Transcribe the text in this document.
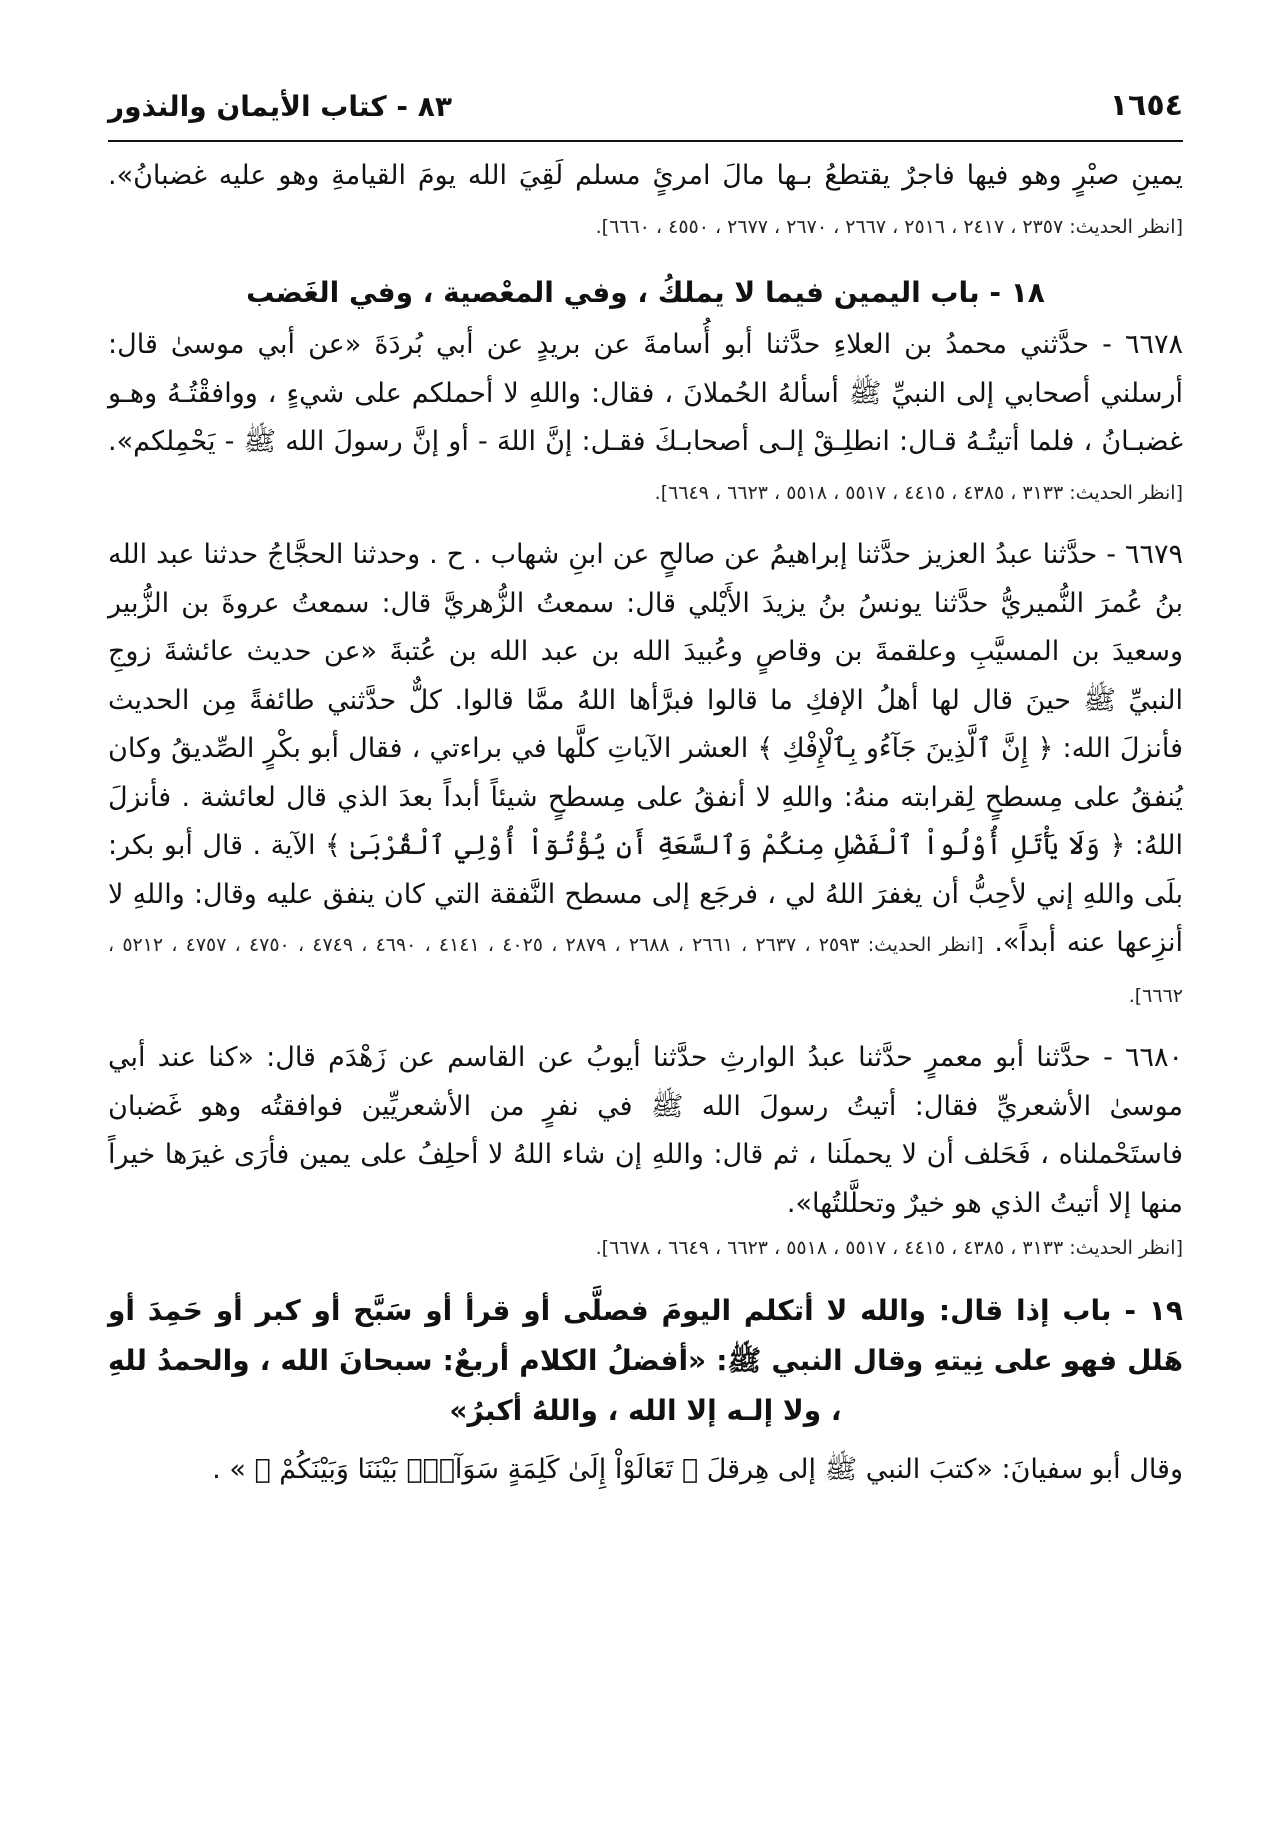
١٦٥٤
٨٣ - كتاب الأيمان والنذور

يمينِ صبْرٍ وهو فيها فاجرٌ يقتطعُ بـها مالَ امرئٍ مسلم لَقِيَ الله يومَ القيامةِ وهو عليه غضبانُ». [انظر الحديث: ٢٣٥٧ ، ٢٤١٧ ، ٢٥١٦ ، ٢٦٦٧ ، ٢٦٧٠ ، ٢٦٧٧ ، ٤٥٥٠ ، ٦٦٦٠].

١٨ - باب اليمين فيما لا يملكُ ، وفي المعْصية ، وفي الغَضب

٦٦٧٨ - حدَّثني محمدُ بن العلاءِ حدَّثنا أبو أُسامةَ عن بريدٍ عن أبي بُردَةَ «عن أبي موسىٰ قال: أرسلني أصحابي إلى النبيِّ ﷺ أسألهُ الحُملانَ ، فقال: واللهِ لا أحملكم على شيءٍ ، ووافقْتُـهُ وهـو غضبـانُ ، فلما أتيتُـهُ قـال: انطلِـقْ إلـى أصحابـكَ فقـل: إنَّ اللهَ - أو إنَّ رسولَ الله ﷺ - يَحْمِلكم». [انظر الحديث: ٣١٣٣ ، ٤٣٨٥ ، ٤٤١٥ ، ٥٥١٧ ، ٥٥١٨ ، ٦٦٢٣ ، ٦٦٤٩].

٦٦٧٩ - حدَّثنا عبدُ العزيز حدَّثنا إبراهيمُ عن صالحٍ عن ابنِ شهاب . ح . وحدثنا الحجَّاجُ حدثنا عبد الله بنُ عُمرَ النُّميريُّ حدَّثنا يونسُ بنُ يزيدَ الأَيْلي قال: سمعتُ الزُّهريَّ قال: سمعتُ عروةَ بن الزُّبير وسعيدَ بن المسيَّبِ وعلقمةَ بن وقاصٍ وعُبيدَ الله بن عبد الله بن عُتبةَ «عن حديث عائشةَ زوجِ النبيِّ ﷺ حينَ قال لها أهلُ الإفكِ ما قالوا فبرَّأها اللهُ ممَّا قالوا. كلٌّ حدَّثني طائفةً مِن الحديث فأنزلَ الله: ﴿ إِنَّ ٱلَّذِينَ جَآءُو بِٱلْإِفْكِ ﴾ العشر الآياتِ كلَّها في براءتي ، فقال أبو بكْرٍ الصِّديقُ وكان يُنفقُ على مِسطحٍ لِقرابته منهُ: واللهِ لا أنفقُ على مِسطحٍ شيئاً أبداً بعدَ الذي قال لعائشة . فأنزلَ اللهُ: ﴿ وَلَا يَأْتَلِ أُوْلُواْ ٱلْفَضْلِ مِنكُمْ وَٱلسَّعَةِ أَن يُؤْتُوٓاْ أُوْلِي ٱلْقُرْبَىٰ ﴾ الآية . قال أبو بكر: بلَى واللهِ إني لأحِبُّ أن يغفرَ اللهُ لي ، فرجَع إلى مسطح النَّفقة التي كان ينفق عليه وقال: واللهِ لا أنزِعها عنه أبداً». [انظر الحديث: ٢٥٩٣ ، ٢٦٣٧ ، ٢٦٦١ ، ٢٦٨٨ ، ٢٨٧٩ ، ٤٠٢٥ ، ٤١٤١ ، ٤٦٩٠ ، ٤٧٤٩ ، ٤٧٥٠ ، ٤٧٥٧ ، ٥٢١٢ ، ٦٦٦٢].

٦٦٨٠ - حدَّثنا أبو معمرٍ حدَّثنا عبدُ الوارثِ حدَّثنا أيوبُ عن القاسم عن زَهْدَم قال: «كنا عند أبي موسىٰ الأشعريِّ فقال: أتيتُ رسولَ الله ﷺ في نفرٍ من الأشعريِّين فوافقتُه وهو غَضبان فاستَحْملناه ، فَحَلف أن لا يحملَنا ، ثم قال: واللهِ إن شاء اللهُ لا أحلِفُ على يمين فأرَى غيرَها خيراً منها إلا أتيتُ الذي هو خيرٌ وتحلَّلتُها».

[انظر الحديث: ٣١٣٣ ، ٤٣٨٥ ، ٤٤١٥ ، ٥٥١٧ ، ٥٥١٨ ، ٦٦٢٣ ، ٦٦٤٩ ، ٦٦٧٨].

١٩ - باب إذا قال: والله لا أتكلم اليومَ فصلَّى أو قرأ أو سَبَّح أو كبر أو حَمِدَ أو هَلل فهو على نِيتهِ وقال النبي ﷺ: «أفضلُ الكلام أربعٌ: سبحانَ الله ، والحمدُ للهِ ، ولا إلـه إلا الله ، واللهُ أكبرُ»

وقال أبو سفيانَ: «كتبَ النبي ﷺ إلى هِرقلَ ﴿ تَعَالَوْاْ إِلَىٰ كَلِمَةٍ سَوَآءِۭ بَيْنَنَا وَبَيْنَكُمْ ﴾ » .
